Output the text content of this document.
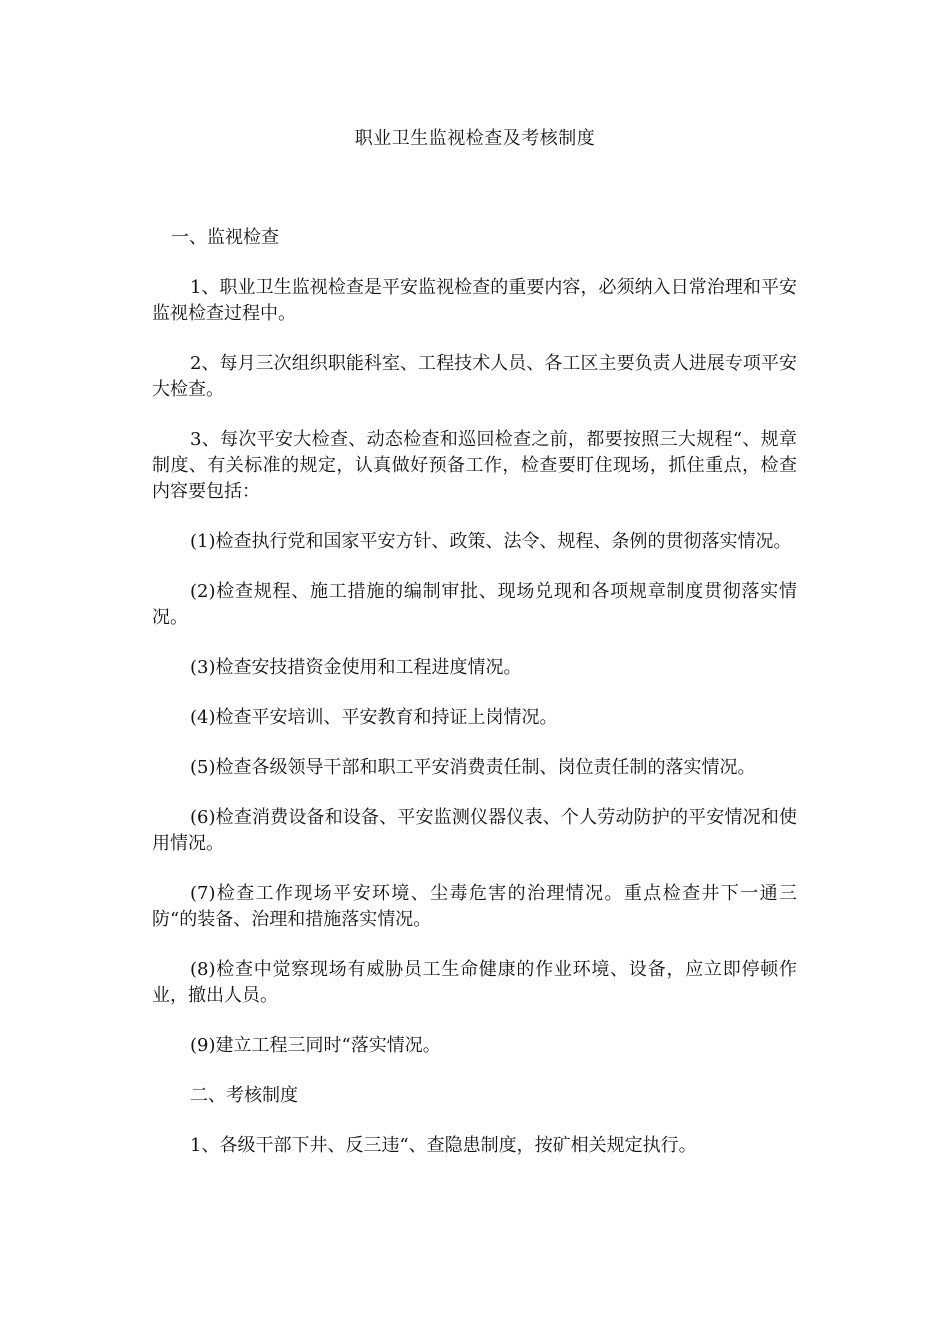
职业卫生监视检查及考核制度

一、监视检查

1、职业卫生监视检查是平安监视检查的重要内容，必须纳入日常治理和平安监视检查过程中。

2、每月三次组织职能科室、工程技术人员、各工区主要负责人进展专项平安大检查。

3、每次平安大检查、动态检查和巡回检查之前，都要按照三大规程“、规章制度、有关标准的规定，认真做好预备工作，检查要盯住现场，抓住重点，检查内容要包括：

(1)检查执行党和国家平安方针、政策、法令、规程、条例的贯彻落实情况。

(2)检查规程、施工措施的编制审批、现场兑现和各项规章制度贯彻落实情况。

(3)检查安技措资金使用和工程进度情况。

(4)检查平安培训、平安教育和持证上岗情况。

(5)检查各级领导干部和职工平安消费责任制、岗位责任制的落实情况。

(6)检查消费设备和设备、平安监测仪器仪表、个人劳动防护的平安情况和使用情况。

(7)检查工作现场平安环境、尘毒危害的治理情况。重点检查井下一通三防“的装备、治理和措施落实情况。

(8)检查中觉察现场有威胁员工生命健康的作业环境、设备，应立即停顿作业，撤出人员。

(9)建立工程三同时“落实情况。

二、考核制度

1、各级干部下井、反三违“、查隐患制度，按矿相关规定执行。
